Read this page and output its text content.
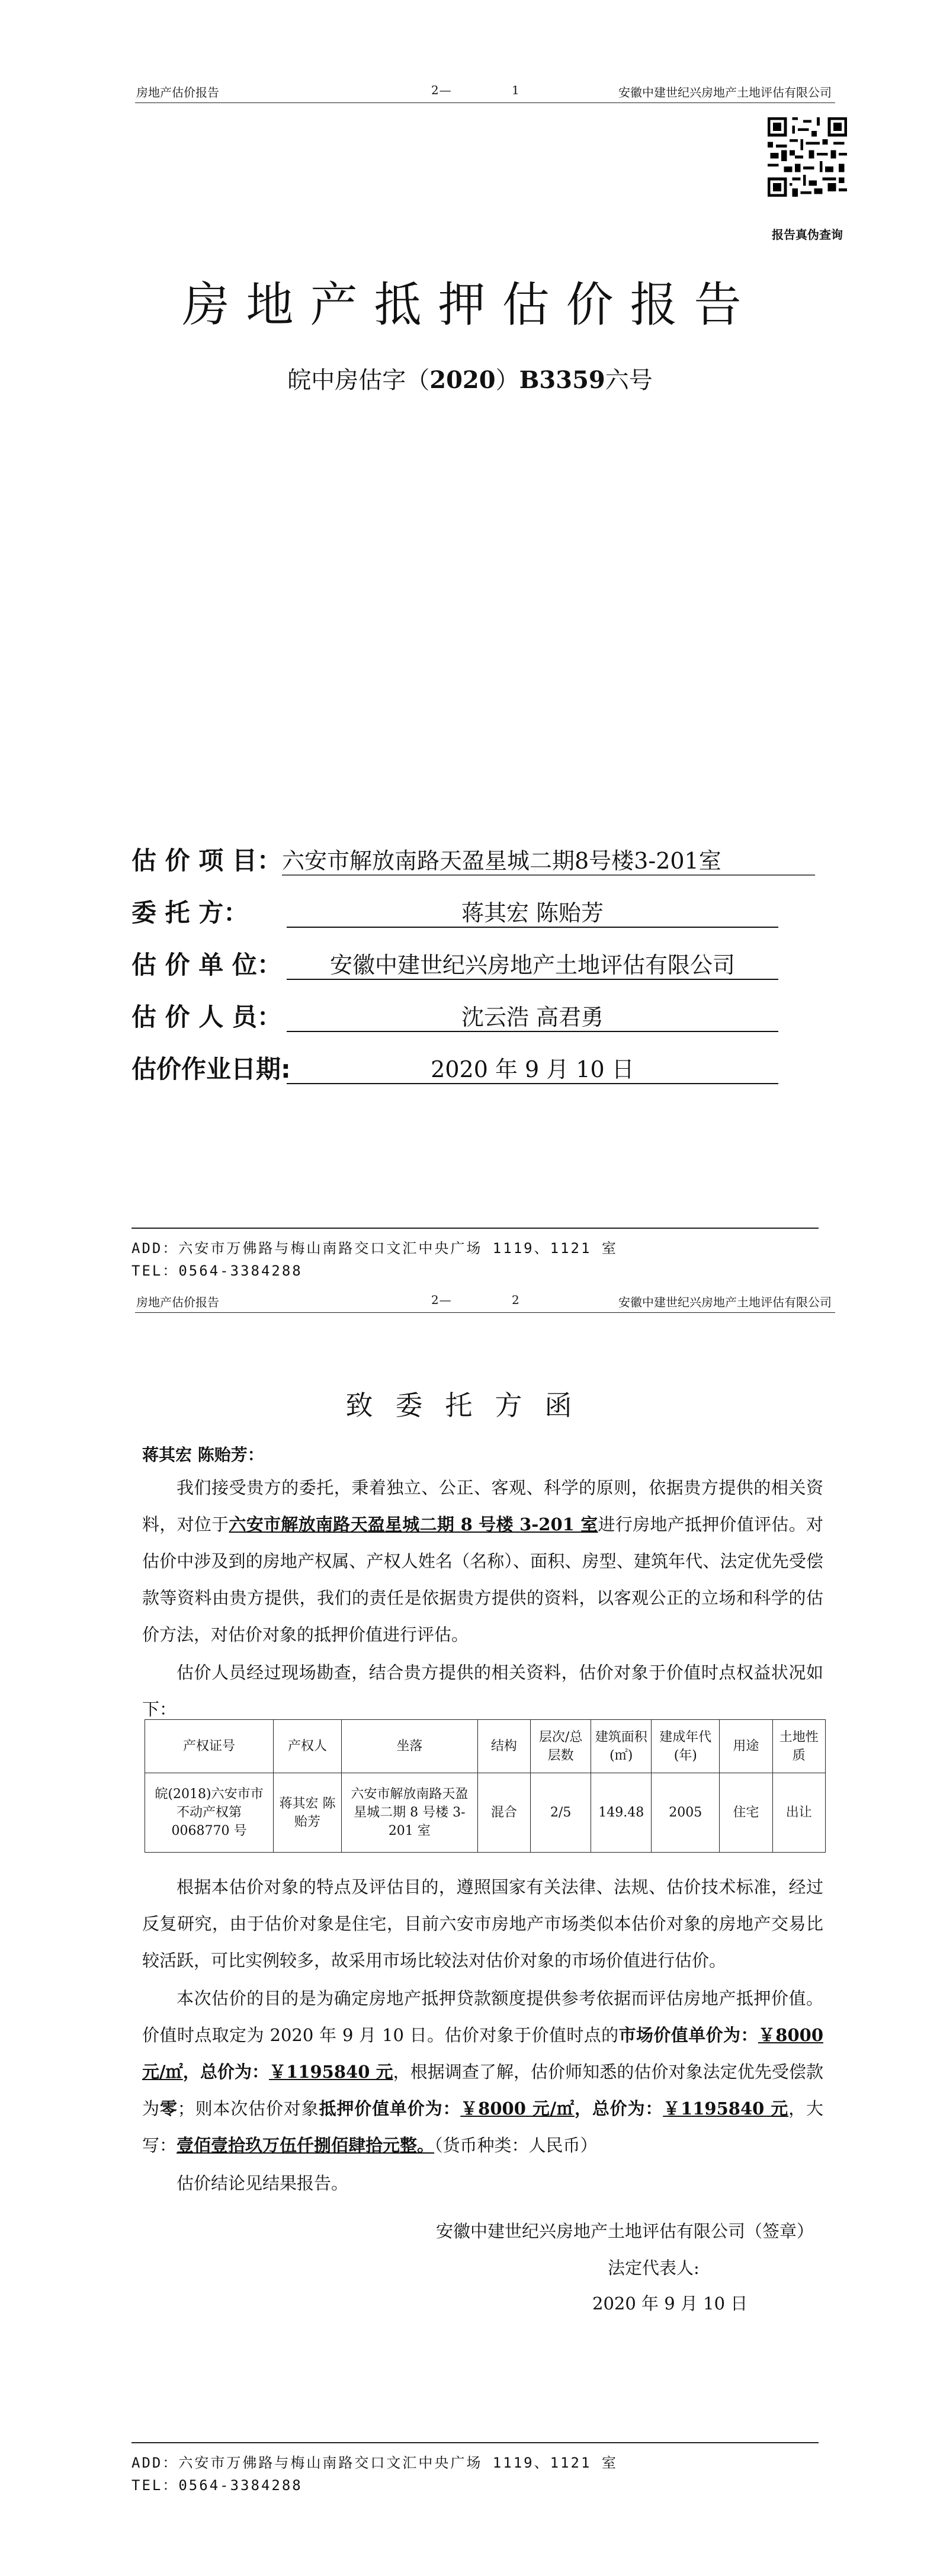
房地产估价报告	2—	1	安徽中建世纪兴房地产土地评估有限公司
报告真伪查询
房地产抵押估价报告
皖中房估字（2020）B3359六号
估 价 项 目： 六安市解放南路天盈星城二期8号楼3-201室
委 托 方：	蒋其宏 陈贻芳
估 价 单 位：	安徽中建世纪兴房地产土地评估有限公司
估 价 人 员：	沈云浩 高君勇
估价作业日期:	2020 年 9 月 10 日
ADD：六安市万佛路与梅山南路交口文汇中央广场 1119、1121 室
TEL：0564-3384288
房地产估价报告	2—	2	安徽中建世纪兴房地产土地评估有限公司
致委托方函
蒋其宏 陈贻芳：
我们接受贵方的委托，秉着独立、公正、客观、科学的原则，依据贵方提供的相关资料，对位于六安市解放南路天盈星城二期 8 号楼 3-201 室进行房地产抵押价值评估。对估价中涉及到的房地产权属、产权人姓名（名称）、面积、房型、建筑年代、法定优先受偿款等资料由贵方提供，我们的责任是依据贵方提供的资料，以客观公正的立场和科学的估价方法，对估价对象的抵押价值进行评估。
估价人员经过现场勘查，结合贵方提供的相关资料，估价对象于价值时点权益状况如下：
产权证号	产权人	坐落	结构	层次/总层数	建筑面积(㎡)	建成年代(年)	用途	土地性质
皖(2018)六安市市不动产权第 0068770 号	蒋其宏 陈贻芳	六安市解放南路天盈星城二期 8 号楼 3-201 室	混合	2/5	149.48	2005	住宅	出让
根据本估价对象的特点及评估目的，遵照国家有关法律、法规、估价技术标准，经过反复研究，由于估价对象是住宅，目前六安市房地产市场类似本估价对象的房地产交易比较活跃，可比实例较多，故采用市场比较法对估价对象的市场价值进行估价。
本次估价的目的是为确定房地产抵押贷款额度提供参考依据而评估房地产抵押价值。价值时点取定为 2020 年 9 月 10 日。估价对象于价值时点的市场价值单价为：￥8000 元/㎡，总价为：￥1195840 元，根据调查了解，估价师知悉的估价对象法定优先受偿款为零；则本次估价对象抵押价值单价为：￥8000 元/㎡，总价为：￥1195840 元，大写：壹佰壹拾玖万伍仟捌佰肆拾元整。（货币种类：人民币）
估价结论见结果报告。
安徽中建世纪兴房地产土地评估有限公司（签章）
法定代表人:
2020 年 9 月 10 日
ADD：六安市万佛路与梅山南路交口文汇中央广场 1119、1121 室
TEL：0564-3384288
